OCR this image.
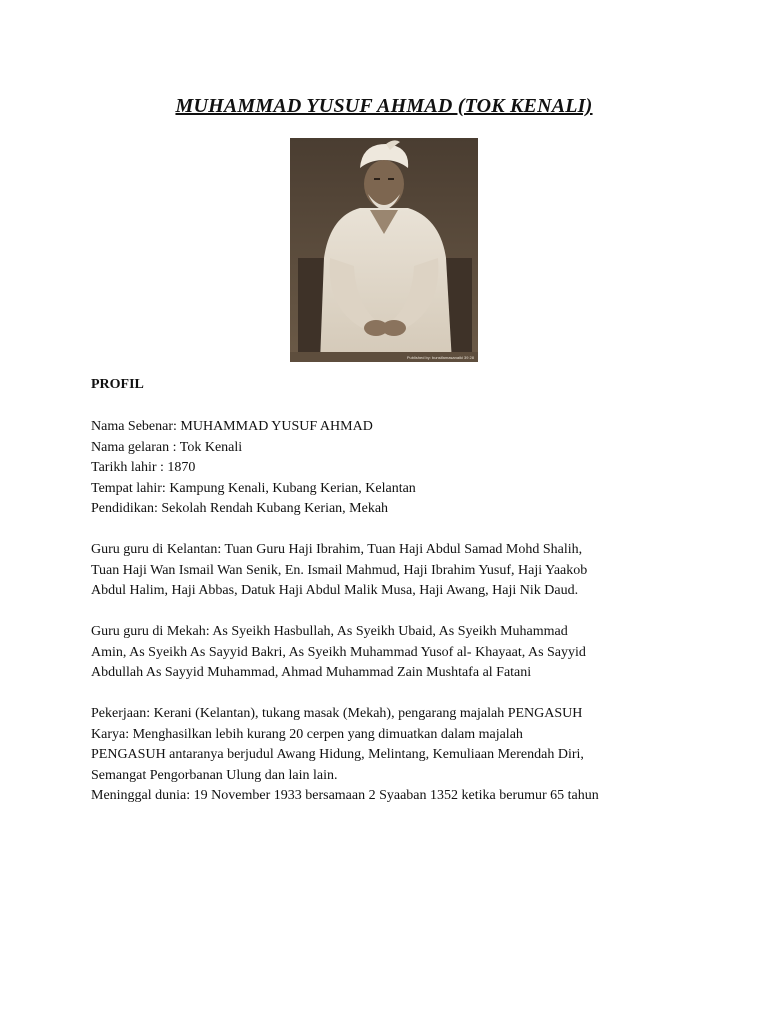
MUHAMMAD YUSUF AHMAD (TOK KENALI)
Published by: bunsifamasanaiki 39 28
PROFIL
Nama Sebenar: MUHAMMAD YUSUF AHMAD
Nama gelaran : Tok Kenali
Tarikh lahir : 1870
Tempat lahir: Kampung Kenali, Kubang Kerian, Kelantan
Pendidikan: Sekolah Rendah Kubang Kerian, Mekah
Guru guru di Kelantan: Tuan Guru Haji Ibrahim, Tuan Haji Abdul Samad Mohd Shalih,
Tuan Haji Wan Ismail Wan Senik, En. Ismail Mahmud, Haji Ibrahim Yusuf, Haji Yaakob
Abdul Halim, Haji Abbas, Datuk Haji Abdul Malik Musa, Haji Awang, Haji Nik Daud.
Guru guru di Mekah: As Syeikh Hasbullah, As Syeikh Ubaid, As Syeikh Muhammad
Amin, As Syeikh As Sayyid Bakri, As Syeikh Muhammad Yusof al- Khayaat, As Sayyid
Abdullah As Sayyid Muhammad, Ahmad Muhammad Zain Mushtafa al Fatani
Pekerjaan: Kerani (Kelantan), tukang masak (Mekah), pengarang majalah PENGASUH
Karya: Menghasilkan lebih kurang 20 cerpen yang dimuatkan dalam majalah
PENGASUH antaranya berjudul Awang Hidung, Melintang, Kemuliaan Merendah Diri,
Semangat Pengorbanan Ulung dan lain lain.
Meninggal dunia: 19 November 1933 bersamaan 2 Syaaban 1352 ketika berumur 65 tahun
